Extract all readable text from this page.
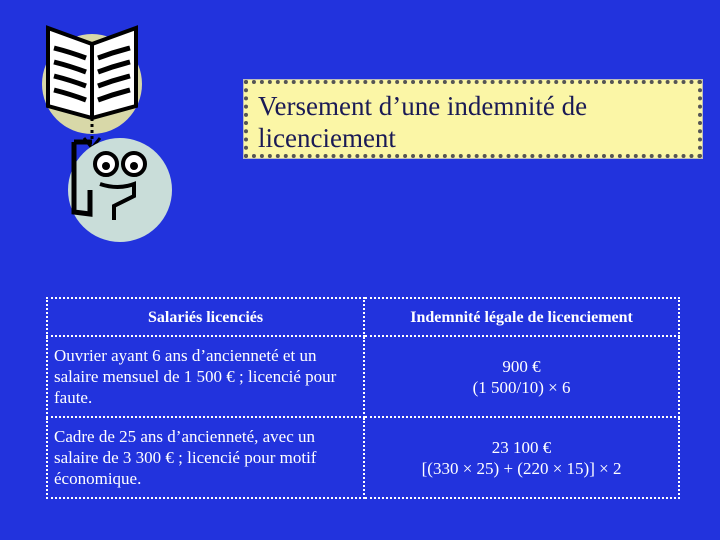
Versement d’une indemnité de licenciement
Salariés licenciés	Indemnité légale de licenciement
Ouvrier ayant 6 ans d’ancienneté et un salaire mensuel de 1 500 € ; licencié pour faute.	900 €
(1 500/10) × 6

Cadre de 25 ans d’ancienneté, avec un salaire de 3 300 € ; licencié pour motif économique.	23 100 €
[(330 × 25) + (220 × 15)] × 2
